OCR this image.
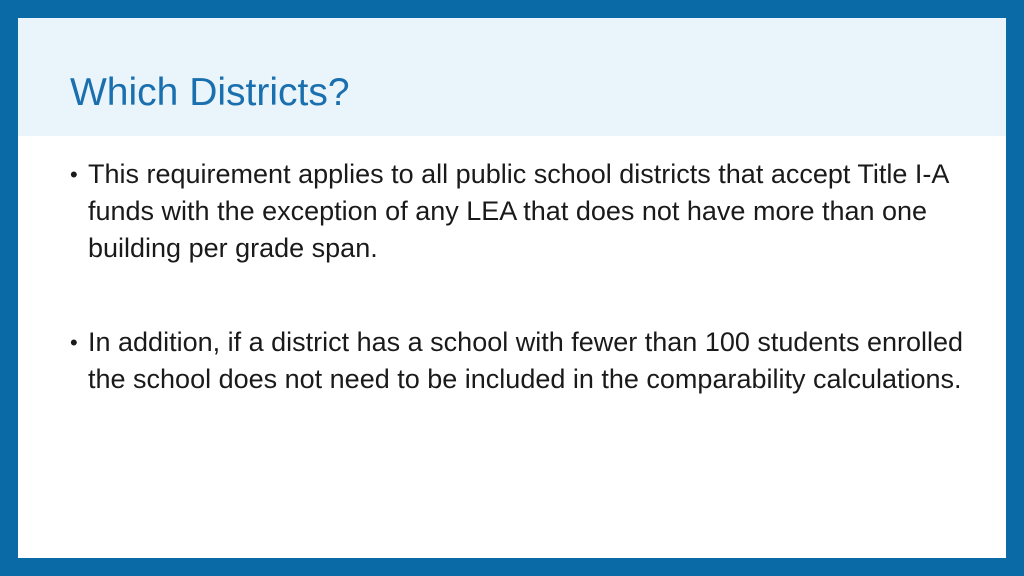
Which Districts?
• This requirement applies to all public school districts that accept Title I-A funds with the exception of any LEA that does not have more than one building per grade span.
• In addition, if a district has a school with fewer than 100 students enrolled the school does not need to be included in the comparability calculations.
